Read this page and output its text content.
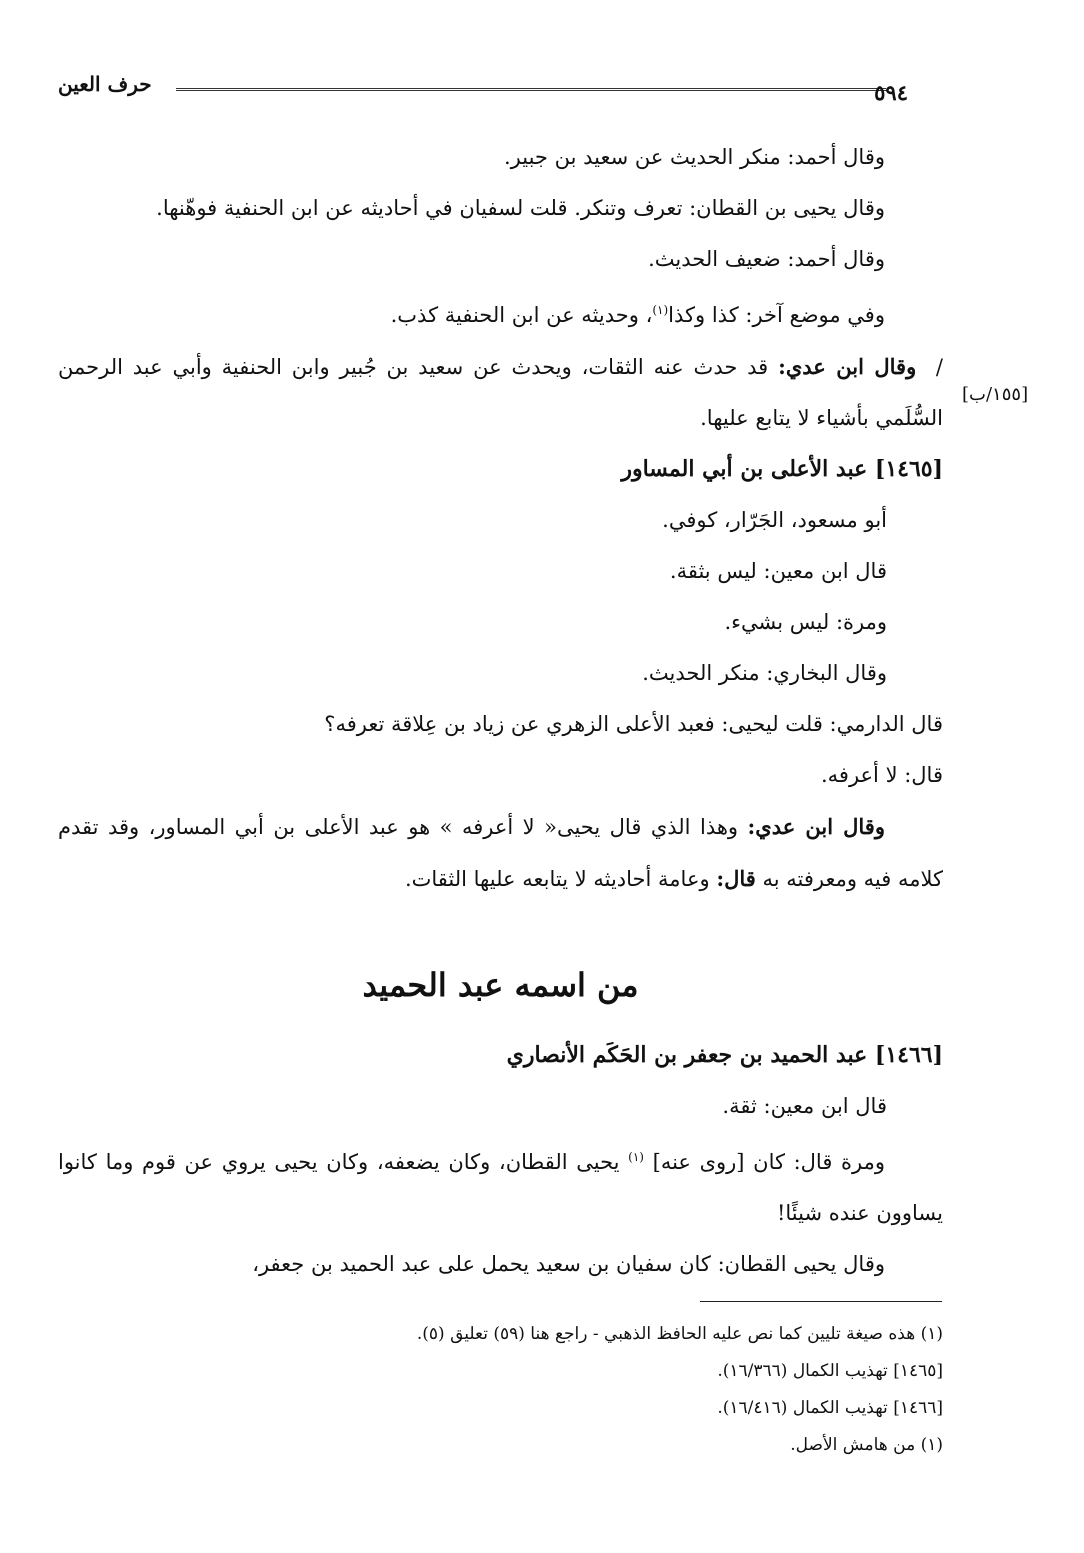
حرف العين	٥٩٤
[١٥٥/ب]

وقال أحمد: منكر الحديث عن سعيد بن جبير.

وقال يحيى بن القطان: تعرف وتنكر. قلت لسفيان في أحاديثه عن ابن الحنفية فوهّنها.

وقال أحمد: ضعيف الحديث.

وفي موضع آخر: كذا وكذا$^{(١)}$، وحديثه عن ابن الحنفية كذب.

/  وقال ابن عدي: قد حدث عنه الثقات، ويحدث عن سعيد بن جُبير وابن الحنفية وأبي عبد الرحمن السُّلَمي بأشياء لا يتابع عليها.

[١٤٦٥] عبد الأعلى بن أبي المساور

أبو مسعود، الجَرّار، كوفي.

قال ابن معين: ليس بثقة.

ومرة: ليس بشيء.

وقال البخاري: منكر الحديث.

قال الدارمي: قلت ليحيى: فعبد الأعلى الزهري عن زياد بن عِلاقة تعرفه؟

قال: لا أعرفه.

وقال ابن عدي: وهذا الذي قال يحيى« لا أعرفه » هو عبد الأعلى بن أبي المساور، وقد تقدم كلامه فيه ومعرفته به قال: وعامة أحاديثه لا يتابعه عليها الثقات.

من اسمه عبد الحميد

[١٤٦٦] عبد الحميد بن جعفر بن الحَكَم الأنصاري

قال ابن معين: ثقة.

ومرة قال: كان [روى عنه] $^{(١)}$ يحيى القطان، وكان يضعفه، وكان يحيى يروي عن قوم وما كانوا يساوون عنده شيئًا!

وقال يحيى القطان: كان سفيان بن سعيد يحمل على عبد الحميد بن جعفر،

(١) هذه صيغة تليين كما نص عليه الحافظ الذهبي - راجع هنا (٥٩) تعليق (٥).

[١٤٦٥] تهذيب الكمال (١٦/٣٦٦).

[١٤٦٦] تهذيب الكمال (١٦/٤١٦).

(١) من هامش الأصل.
